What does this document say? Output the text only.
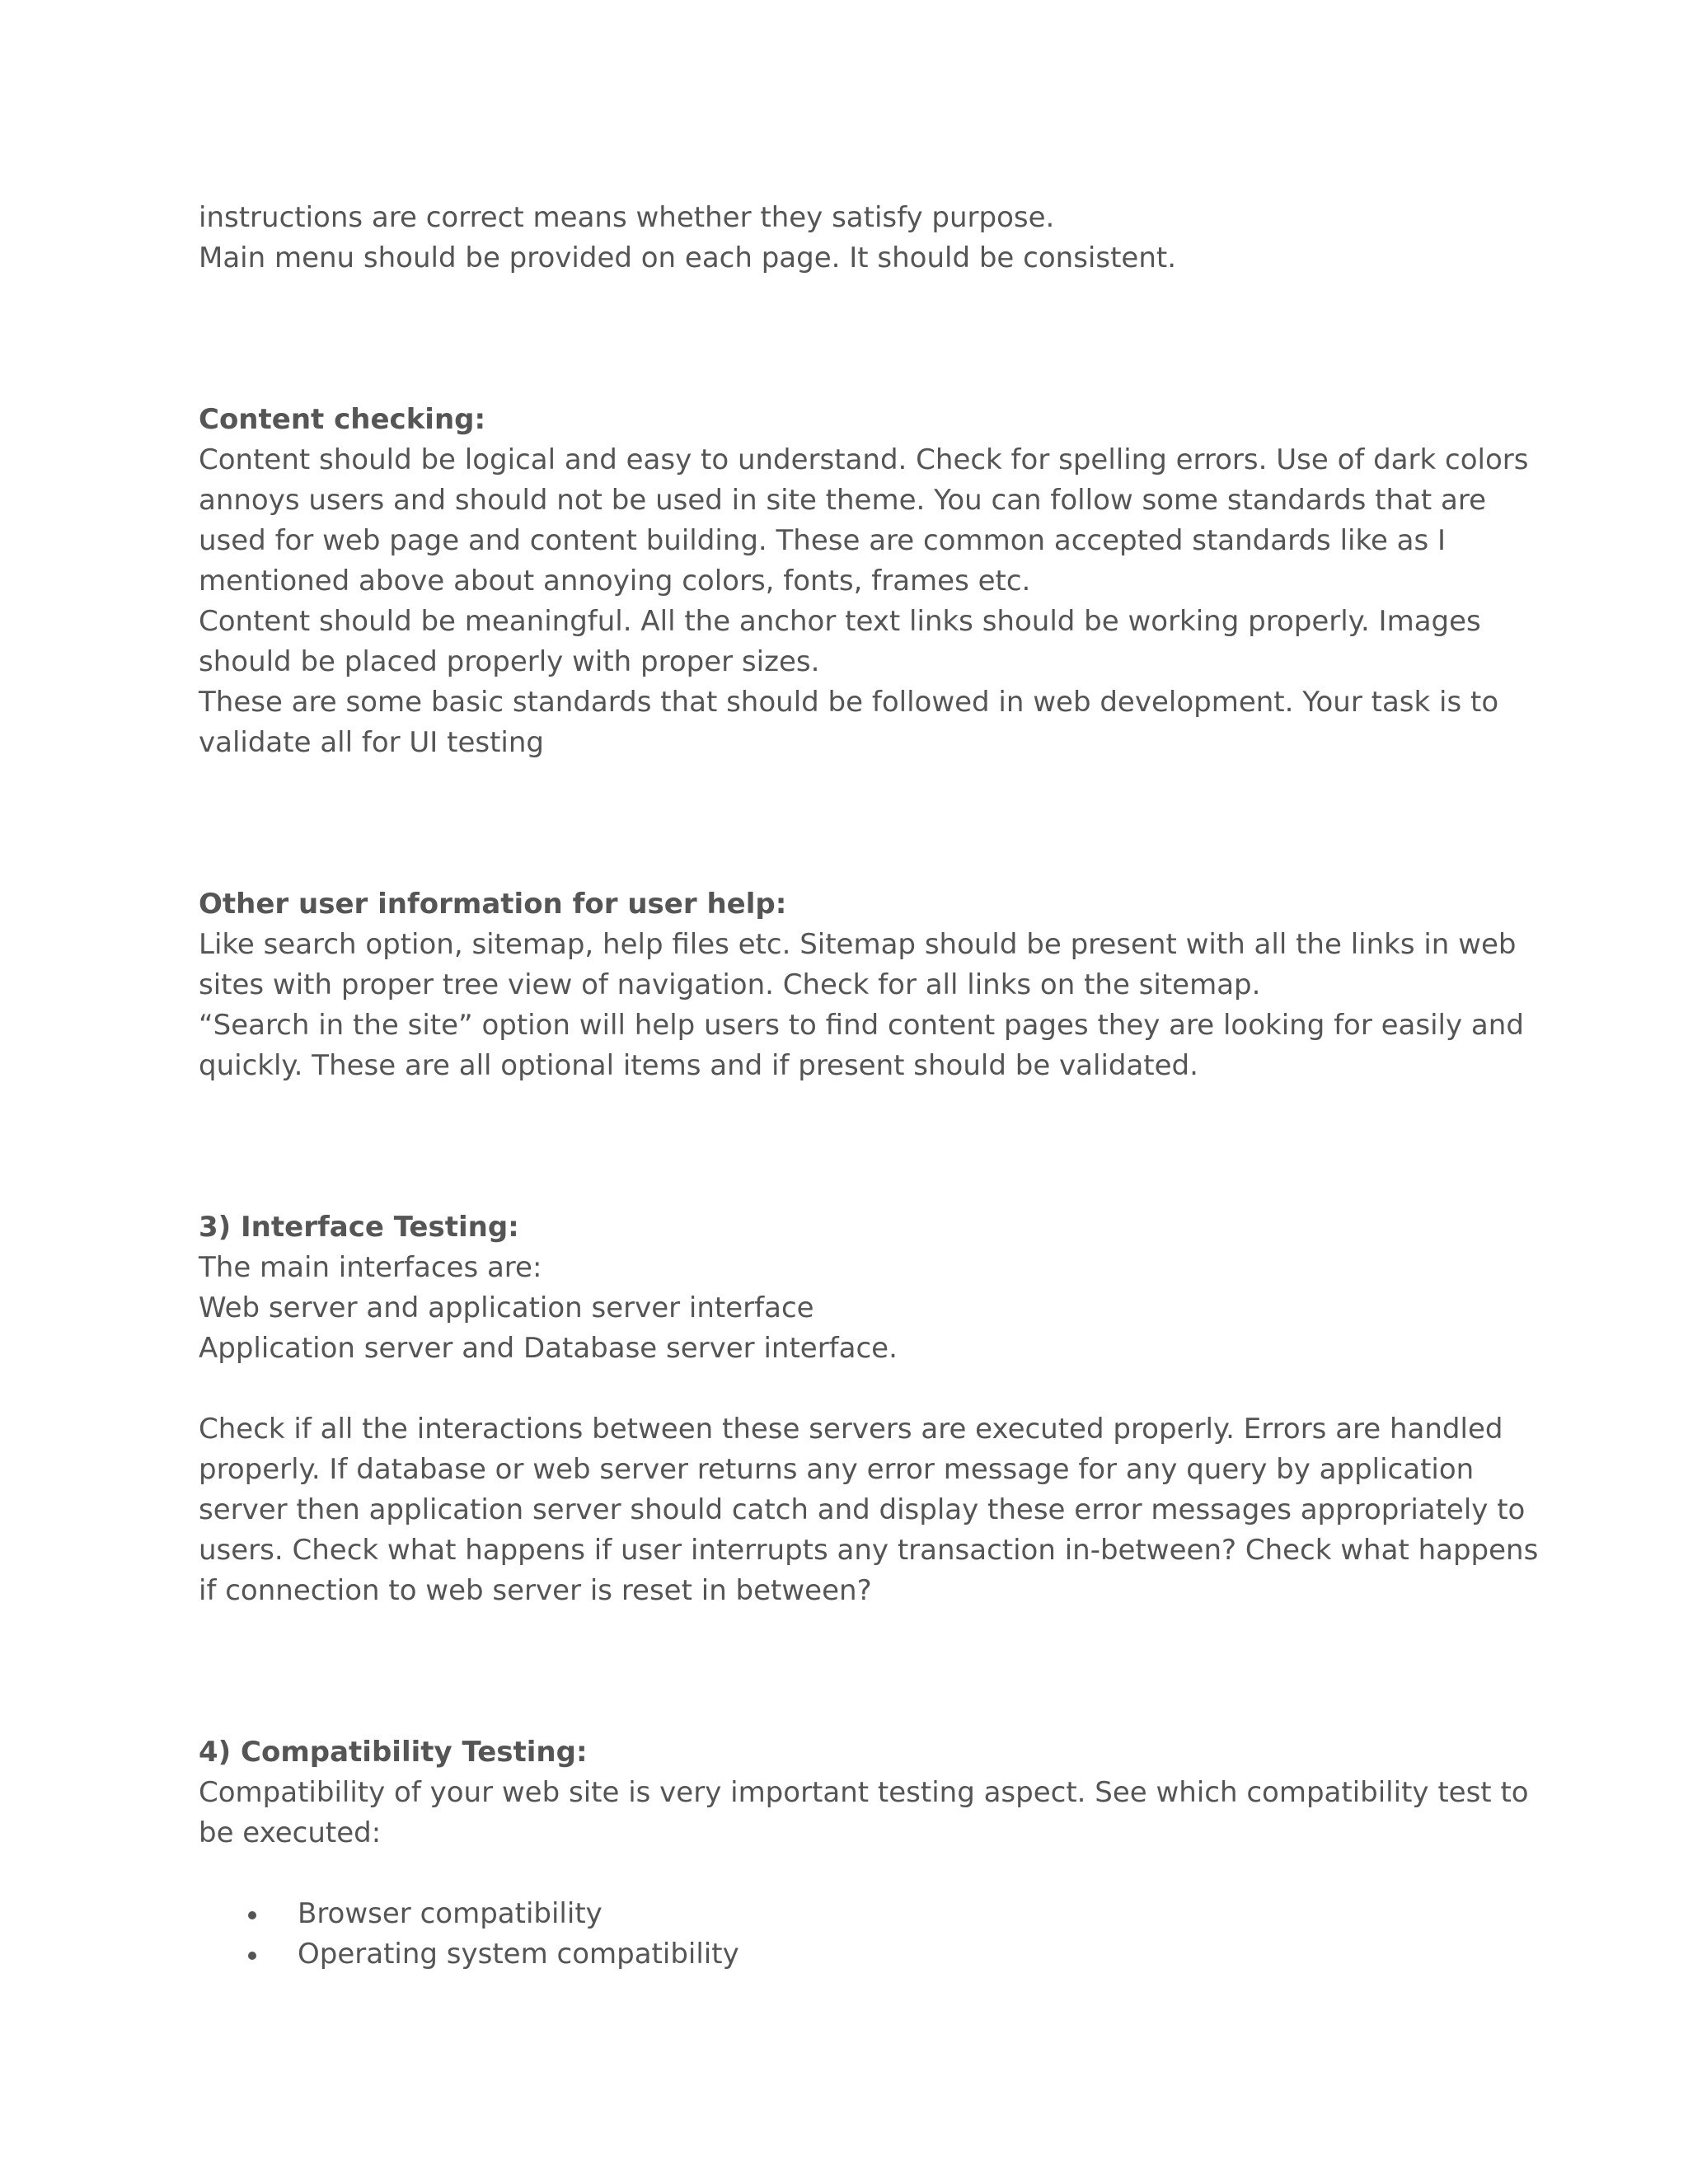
instructions are correct means whether they satisfy purpose.
Main menu should be provided on each page. It should be consistent.
Content checking:
Content should be logical and easy to understand. Check for spelling errors. Use of dark colors
annoys users and should not be used in site theme. You can follow some standards that are
used for web page and content building. These are common accepted standards like as I
mentioned above about annoying colors, fonts, frames etc.
Content should be meaningful. All the anchor text links should be working properly. Images
should be placed properly with proper sizes.
These are some basic standards that should be followed in web development. Your task is to
validate all for UI testing
Other user information for user help:
Like search option, sitemap, help files etc. Sitemap should be present with all the links in web
sites with proper tree view of navigation. Check for all links on the sitemap.
“Search in the site” option will help users to find content pages they are looking for easily and
quickly. These are all optional items and if present should be validated.
3) Interface Testing:
The main interfaces are:
Web server and application server interface
Application server and Database server interface.
Check if all the interactions between these servers are executed properly. Errors are handled
properly. If database or web server returns any error message for any query by application
server then application server should catch and display these error messages appropriately to
users. Check what happens if user interrupts any transaction in-between? Check what happens
if connection to web server is reset in between?
4) Compatibility Testing:
Compatibility of your web site is very important testing aspect. See which compatibility test to
be executed:
Browser compatibility
Operating system compatibility
